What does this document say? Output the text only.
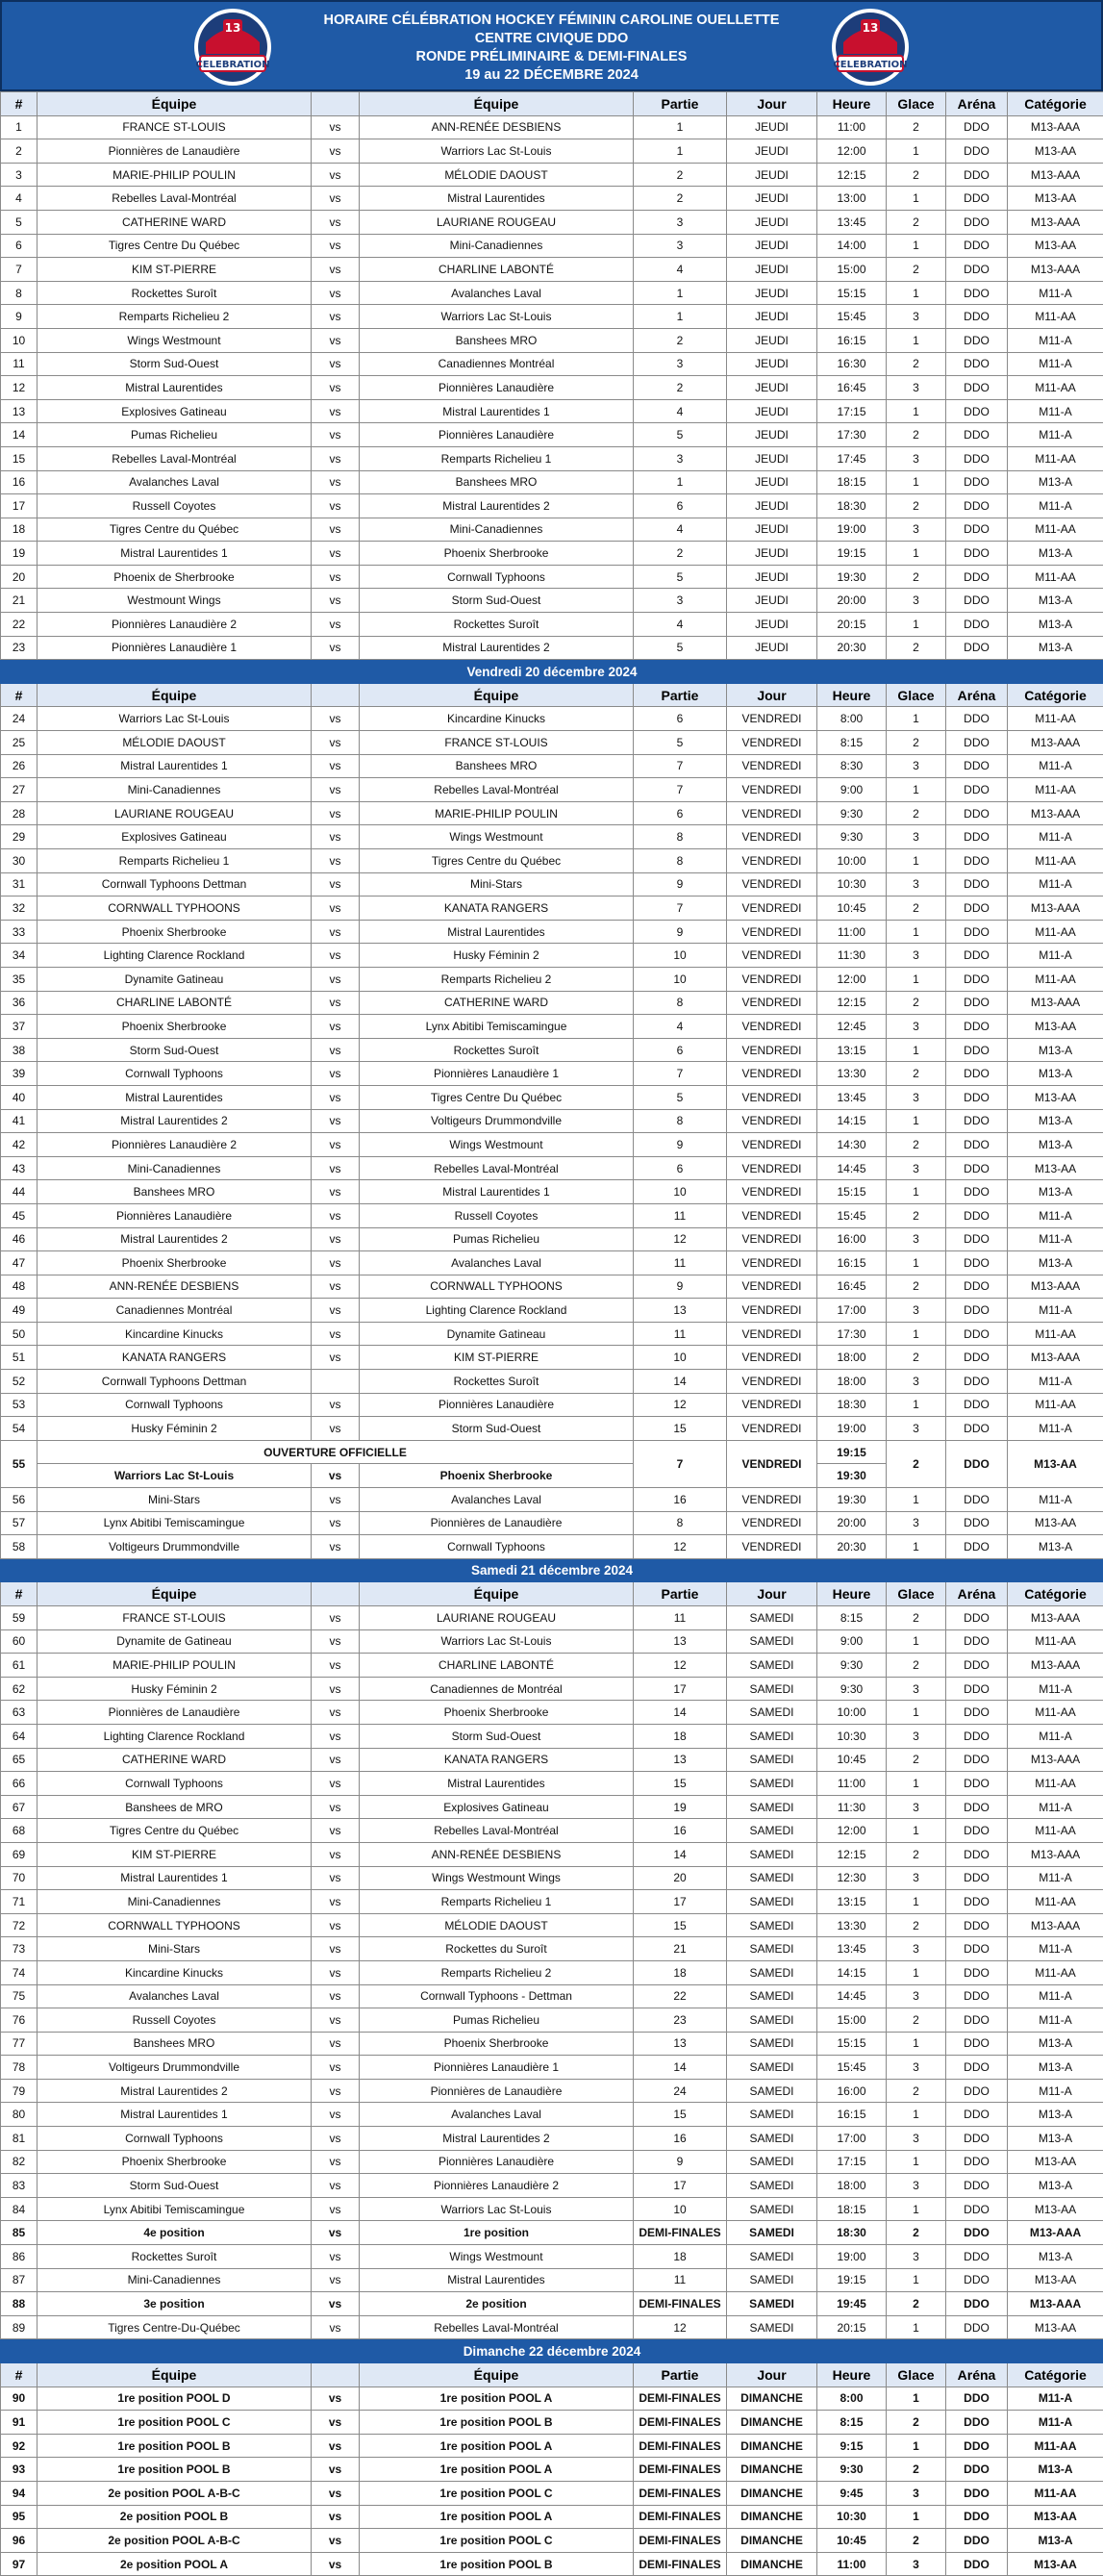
13
CELEBRATION
HORAIRE CÉLÉBRATION HOCKEY FÉMININ CAROLINE OUELLETTE
CENTRE CIVIQUE DDO
RONDE PRÉLIMINAIRE & DEMI-FINALES
19 au 22 DÉCEMBRE 2024
13
CELEBRATION
#	Équipe		Équipe	Partie	Jour	Heure	Glace	Aréna	Catégorie
1	FRANCE ST-LOUIS	vs	ANN-RENÉE DESBIENS	1	JEUDI	11:00	2	DDO	M13-AAA
2	Pionnières de Lanaudière	vs	Warriors Lac St-Louis	1	JEUDI	12:00	1	DDO	M13-AA
3	MARIE-PHILIP POULIN	vs	MÉLODIE DAOUST	2	JEUDI	12:15	2	DDO	M13-AAA
4	Rebelles Laval-Montréal	vs	Mistral Laurentides	2	JEUDI	13:00	1	DDO	M13-AA
5	CATHERINE WARD	vs	LAURIANE ROUGEAU	3	JEUDI	13:45	2	DDO	M13-AAA
6	Tigres Centre Du Québec	vs	Mini-Canadiennes	3	JEUDI	14:00	1	DDO	M13-AA
7	KIM ST-PIERRE	vs	CHARLINE LABONTÉ	4	JEUDI	15:00	2	DDO	M13-AAA
8	Rockettes Suroît	vs	Avalanches Laval	1	JEUDI	15:15	1	DDO	M11-A
9	Remparts Richelieu 2	vs	Warriors Lac St-Louis	1	JEUDI	15:45	3	DDO	M11-AA
10	Wings Westmount	vs	Banshees MRO	2	JEUDI	16:15	1	DDO	M11-A
11	Storm Sud-Ouest	vs	Canadiennes Montréal	3	JEUDI	16:30	2	DDO	M11-A
12	Mistral Laurentides	vs	Pionnières Lanaudière	2	JEUDI	16:45	3	DDO	M11-AA
13	Explosives Gatineau	vs	Mistral Laurentides 1	4	JEUDI	17:15	1	DDO	M11-A
14	Pumas Richelieu	vs	Pionnières Lanaudière	5	JEUDI	17:30	2	DDO	M11-A
15	Rebelles Laval-Montréal	vs	Remparts Richelieu 1	3	JEUDI	17:45	3	DDO	M11-AA
16	Avalanches Laval	vs	Banshees MRO	1	JEUDI	18:15	1	DDO	M13-A
17	Russell Coyotes	vs	Mistral Laurentides 2	6	JEUDI	18:30	2	DDO	M11-A
18	Tigres Centre du Québec	vs	Mini-Canadiennes	4	JEUDI	19:00	3	DDO	M11-AA
19	Mistral Laurentides 1	vs	Phoenix Sherbrooke	2	JEUDI	19:15	1	DDO	M13-A
20	Phoenix de Sherbrooke	vs	Cornwall Typhoons	5	JEUDI	19:30	2	DDO	M11-AA
21	Westmount Wings	vs	Storm Sud-Ouest	3	JEUDI	20:00	3	DDO	M13-A
22	Pionnières Lanaudière 2	vs	Rockettes Suroît	4	JEUDI	20:15	1	DDO	M13-A
23	Pionnières Lanaudière 1	vs	Mistral Laurentides 2	5	JEUDI	20:30	2	DDO	M13-A
Vendredi 20 décembre 2024									
#	Équipe		Équipe	Partie	Jour	Heure	Glace	Aréna	Catégorie
24	Warriors Lac St-Louis	vs	Kincardine Kinucks	6	VENDREDI	8:00	1	DDO	M11-AA
25	MÉLODIE DAOUST	vs	FRANCE ST-LOUIS	5	VENDREDI	8:15	2	DDO	M13-AAA
26	Mistral Laurentides 1	vs	Banshees MRO	7	VENDREDI	8:30	3	DDO	M11-A
27	Mini-Canadiennes	vs	Rebelles Laval-Montréal	7	VENDREDI	9:00	1	DDO	M11-AA
28	LAURIANE ROUGEAU	vs	MARIE-PHILIP POULIN	6	VENDREDI	9:30	2	DDO	M13-AAA
29	Explosives Gatineau	vs	Wings Westmount	8	VENDREDI	9:30	3	DDO	M11-A
30	Remparts Richelieu 1	vs	Tigres Centre du Québec	8	VENDREDI	10:00	1	DDO	M11-AA
31	Cornwall Typhoons Dettman	vs	Mini-Stars	9	VENDREDI	10:30	3	DDO	M11-A
32	CORNWALL TYPHOONS	vs	KANATA RANGERS	7	VENDREDI	10:45	2	DDO	M13-AAA
33	Phoenix Sherbrooke	vs	Mistral Laurentides	9	VENDREDI	11:00	1	DDO	M11-AA
34	Lighting Clarence Rockland	vs	Husky Féminin 2	10	VENDREDI	11:30	3	DDO	M11-A
35	Dynamite Gatineau	vs	Remparts Richelieu 2	10	VENDREDI	12:00	1	DDO	M11-AA
36	CHARLINE LABONTÉ	vs	CATHERINE WARD	8	VENDREDI	12:15	2	DDO	M13-AAA
37	Phoenix Sherbrooke	vs	Lynx Abitibi Temiscamingue	4	VENDREDI	12:45	3	DDO	M13-AA
38	Storm Sud-Ouest	vs	Rockettes Suroît	6	VENDREDI	13:15	1	DDO	M13-A
39	Cornwall Typhoons	vs	Pionnières Lanaudière 1	7	VENDREDI	13:30	2	DDO	M13-A
40	Mistral Laurentides	vs	Tigres Centre Du Québec	5	VENDREDI	13:45	3	DDO	M13-AA
41	Mistral Laurentides 2	vs	Voltigeurs Drummondville	8	VENDREDI	14:15	1	DDO	M13-A
42	Pionnières Lanaudière 2	vs	Wings Westmount	9	VENDREDI	14:30	2	DDO	M13-A
43	Mini-Canadiennes	vs	Rebelles Laval-Montréal	6	VENDREDI	14:45	3	DDO	M13-AA
44	Banshees MRO	vs	Mistral Laurentides 1	10	VENDREDI	15:15	1	DDO	M13-A
45	Pionnières Lanaudière	vs	Russell Coyotes	11	VENDREDI	15:45	2	DDO	M11-A
46	Mistral Laurentides 2	vs	Pumas Richelieu	12	VENDREDI	16:00	3	DDO	M11-A
47	Phoenix Sherbrooke	vs	Avalanches Laval	11	VENDREDI	16:15	1	DDO	M13-A
48	ANN-RENÉE DESBIENS	vs	CORNWALL TYPHOONS	9	VENDREDI	16:45	2	DDO	M13-AAA
49	Canadiennes Montréal	vs	Lighting Clarence Rockland	13	VENDREDI	17:00	3	DDO	M11-A
50	Kincardine Kinucks	vs	Dynamite Gatineau	11	VENDREDI	17:30	1	DDO	M11-AA
51	KANATA RANGERS	vs	KIM ST-PIERRE	10	VENDREDI	18:00	2	DDO	M13-AAA
52	Cornwall Typhoons Dettman		Rockettes Suroît	14	VENDREDI	18:00	3	DDO	M11-A
53	Cornwall Typhoons	vs	Pionnières Lanaudière	12	VENDREDI	18:30	1	DDO	M11-AA
54	Husky Féminin 2	vs	Storm Sud-Ouest	15	VENDREDI	19:00	3	DDO	M11-A
55	OUVERTURE OFFICIELLE			7	VENDREDI	19:15	2	DDO	M13-AA
	Warriors Lac St-Louis	vs	Phoenix Sherbrooke			19:30			
56	Mini-Stars	vs	Avalanches Laval	16	VENDREDI	19:30	1	DDO	M11-A
57	Lynx Abitibi Temiscamingue	vs	Pionnières de Lanaudière	8	VENDREDI	20:00	3	DDO	M13-AA
58	Voltigeurs Drummondville	vs	Cornwall Typhoons	12	VENDREDI	20:30	1	DDO	M13-A
Samedi 21 décembre 2024									
#	Équipe		Équipe	Partie	Jour	Heure	Glace	Aréna	Catégorie
59	FRANCE ST-LOUIS	vs	LAURIANE ROUGEAU	11	SAMEDI	8:15	2	DDO	M13-AAA
60	Dynamite de Gatineau	vs	Warriors Lac St-Louis	13	SAMEDI	9:00	1	DDO	M11-AA
61	MARIE-PHILIP POULIN	vs	CHARLINE LABONTÉ	12	SAMEDI	9:30	2	DDO	M13-AAA
62	Husky Féminin 2	vs	Canadiennes de Montréal	17	SAMEDI	9:30	3	DDO	M11-A
63	Pionnières de Lanaudière	vs	Phoenix Sherbrooke	14	SAMEDI	10:00	1	DDO	M11-AA
64	Lighting Clarence Rockland	vs	Storm Sud-Ouest	18	SAMEDI	10:30	3	DDO	M11-A
65	CATHERINE WARD	vs	KANATA RANGERS	13	SAMEDI	10:45	2	DDO	M13-AAA
66	Cornwall Typhoons	vs	Mistral Laurentides	15	SAMEDI	11:00	1	DDO	M11-AA
67	Banshees de MRO	vs	Explosives Gatineau	19	SAMEDI	11:30	3	DDO	M11-A
68	Tigres Centre du Québec	vs	Rebelles Laval-Montréal	16	SAMEDI	12:00	1	DDO	M11-AA
69	KIM ST-PIERRE	vs	ANN-RENÉE DESBIENS	14	SAMEDI	12:15	2	DDO	M13-AAA
70	Mistral Laurentides 1	vs	Wings Westmount Wings	20	SAMEDI	12:30	3	DDO	M11-A
71	Mini-Canadiennes	vs	Remparts Richelieu 1	17	SAMEDI	13:15	1	DDO	M11-AA
72	CORNWALL TYPHOONS	vs	MÉLODIE DAOUST	15	SAMEDI	13:30	2	DDO	M13-AAA
73	Mini-Stars	vs	Rockettes du Suroît	21	SAMEDI	13:45	3	DDO	M11-A
74	Kincardine Kinucks	vs	Remparts Richelieu 2	18	SAMEDI	14:15	1	DDO	M11-AA
75	Avalanches Laval	vs	Cornwall Typhoons - Dettman	22	SAMEDI	14:45	3	DDO	M11-A
76	Russell Coyotes	vs	Pumas Richelieu	23	SAMEDI	15:00	2	DDO	M11-A
77	Banshees MRO	vs	Phoenix Sherbrooke	13	SAMEDI	15:15	1	DDO	M13-A
78	Voltigeurs Drummondville	vs	Pionnières Lanaudière 1	14	SAMEDI	15:45	3	DDO	M13-A
79	Mistral Laurentides 2	vs	Pionnières de Lanaudière	24	SAMEDI	16:00	2	DDO	M11-A
80	Mistral Laurentides 1	vs	Avalanches Laval	15	SAMEDI	16:15	1	DDO	M13-A
81	Cornwall Typhoons	vs	Mistral Laurentides 2	16	SAMEDI	17:00	3	DDO	M13-A
82	Phoenix Sherbrooke	vs	Pionnières Lanaudière	9	SAMEDI	17:15	1	DDO	M13-AA
83	Storm Sud-Ouest	vs	Pionnières Lanaudière 2	17	SAMEDI	18:00	3	DDO	M13-A
84	Lynx Abitibi Temiscamingue	vs	Warriors Lac St-Louis	10	SAMEDI	18:15	1	DDO	M13-AA
85	4e position	vs	1re position	DEMI-FINALES	SAMEDI	18:30	2	DDO	M13-AAA
86	Rockettes Suroît	vs	Wings Westmount	18	SAMEDI	19:00	3	DDO	M13-A
87	Mini-Canadiennes	vs	Mistral Laurentides	11	SAMEDI	19:15	1	DDO	M13-AA
88	3e position	vs	2e position	DEMI-FINALES	SAMEDI	19:45	2	DDO	M13-AAA
89	Tigres Centre-Du-Québec	vs	Rebelles Laval-Montréal	12	SAMEDI	20:15	1	DDO	M13-AA
Dimanche 22 décembre 2024									
#	Équipe		Équipe	Partie	Jour	Heure	Glace	Aréna	Catégorie
90	1re position POOL D	vs	1re position POOL A	DEMI-FINALES	DIMANCHE	8:00	1	DDO	M11-A
91	1re position POOL C	vs	1re position POOL B	DEMI-FINALES	DIMANCHE	8:15	2	DDO	M11-A
92	1re position POOL B	vs	1re position POOL A	DEMI-FINALES	DIMANCHE	9:15	1	DDO	M11-AA
93	1re position POOL B	vs	1re position POOL A	DEMI-FINALES	DIMANCHE	9:30	2	DDO	M13-A
94	2e position POOL A-B-C	vs	1re position POOL C	DEMI-FINALES	DIMANCHE	9:45	3	DDO	M11-AA
95	2e position POOL B	vs	1re position POOL A	DEMI-FINALES	DIMANCHE	10:30	1	DDO	M13-AA
96	2e position POOL A-B-C	vs	1re position POOL C	DEMI-FINALES	DIMANCHE	10:45	2	DDO	M13-A
97	2e position POOL A	vs	1re position POOL B	DEMI-FINALES	DIMANCHE	11:00	3	DDO	M13-AA
